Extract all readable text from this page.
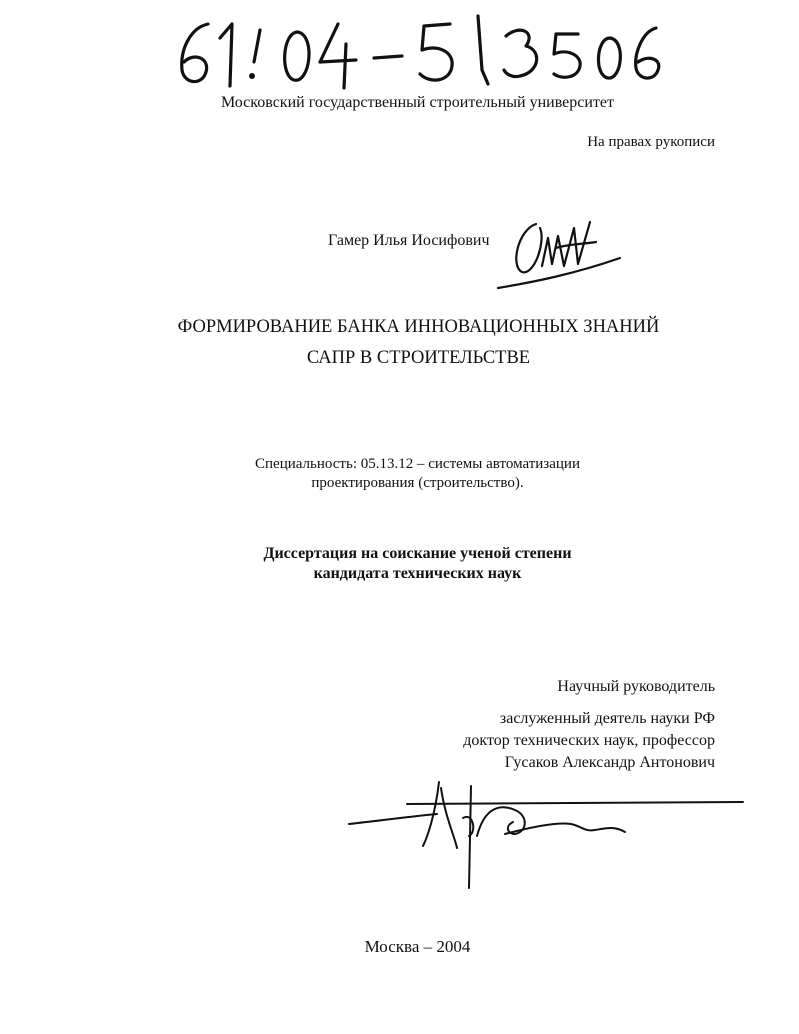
Московский государственный строительный университет
На правах рукописи
Гамер Илья Иосифович
ФОРМИРОВАНИЕ БАНКА ИННОВАЦИОННЫХ ЗНАНИЙ
САПР В СТРОИТЕЛЬСТВЕ
Специальность: 05.13.12 – системы автоматизации
проектирования (строительство).
Диссертация на соискание ученой степени
кандидата технических наук
Научный руководитель
заслуженный деятель науки РФ
доктор технических наук, профессор
Гусаков Александр Антонович
Москва – 2004
